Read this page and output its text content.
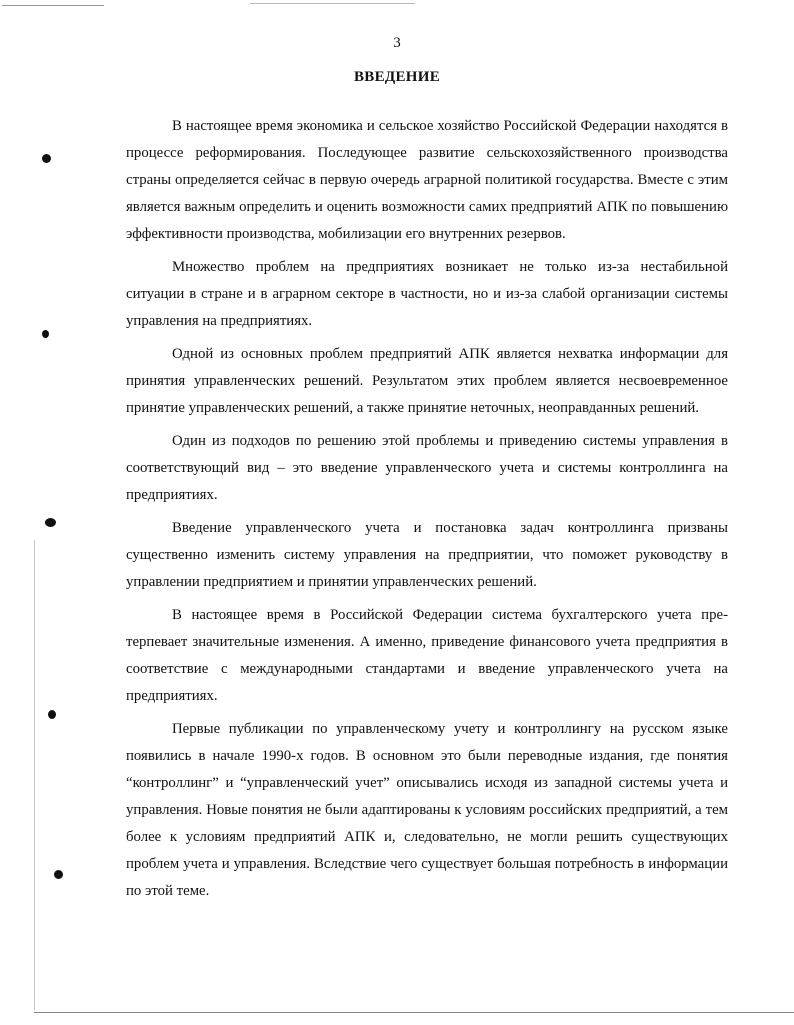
3
ВВЕДЕНИЕ

В настоящее время экономика и сельское хозяйство Российской Федерации находятся в процессе реформирования. Последующее развитие сельскохозяйственного производства страны определяется сейчас в первую очередь аграрной политикой государства. Вместе с этим является важным определить и оценить возможности самих предприятий АПК по повышению эффективности производства, мобилизации его внутренних резервов.

Множество проблем на предприятиях возникает не только из-за нестабильной ситуации в стране и в аграрном секторе в частности, но и из-за слабой организации системы управления на предприятиях.

Одной из основных проблем предприятий АПК является нехватка информации для принятия управленческих решений. Результатом этих проблем является несвоевременное принятие управленческих решений, а также принятие неточных, неоправданных решений.

Один из подходов по решению этой проблемы и приведению системы управления в соответствующий вид – это введение управленческого учета и системы контроллинга на предприятиях.

Введение управленческого учета и постановка задач контроллинга призваны существенно изменить систему управления на предприятии, что поможет руководству в управлении предприятием и принятии управленческих решений.

В настоящее время в Российской Федерации система бухгалтерского учета претерпевает значительные изменения. А именно, приведение финансового учета предприятия в соответствие с международными стандартами и введение управленческого учета на предприятиях.

Первые публикации по управленческому учету и контроллингу на русском языке появились в начале 1990-х годов. В основном это были переводные издания, где понятия “контроллинг” и “управленческий учет” описывались исходя из западной системы учета и управления. Новые понятия не были адаптированы к условиям российских предприятий, а тем более к условиям предприятий АПК и, следовательно, не могли решить существующих проблем учета и управления. Вследствие чего существует большая потребность в информации по этой теме.
